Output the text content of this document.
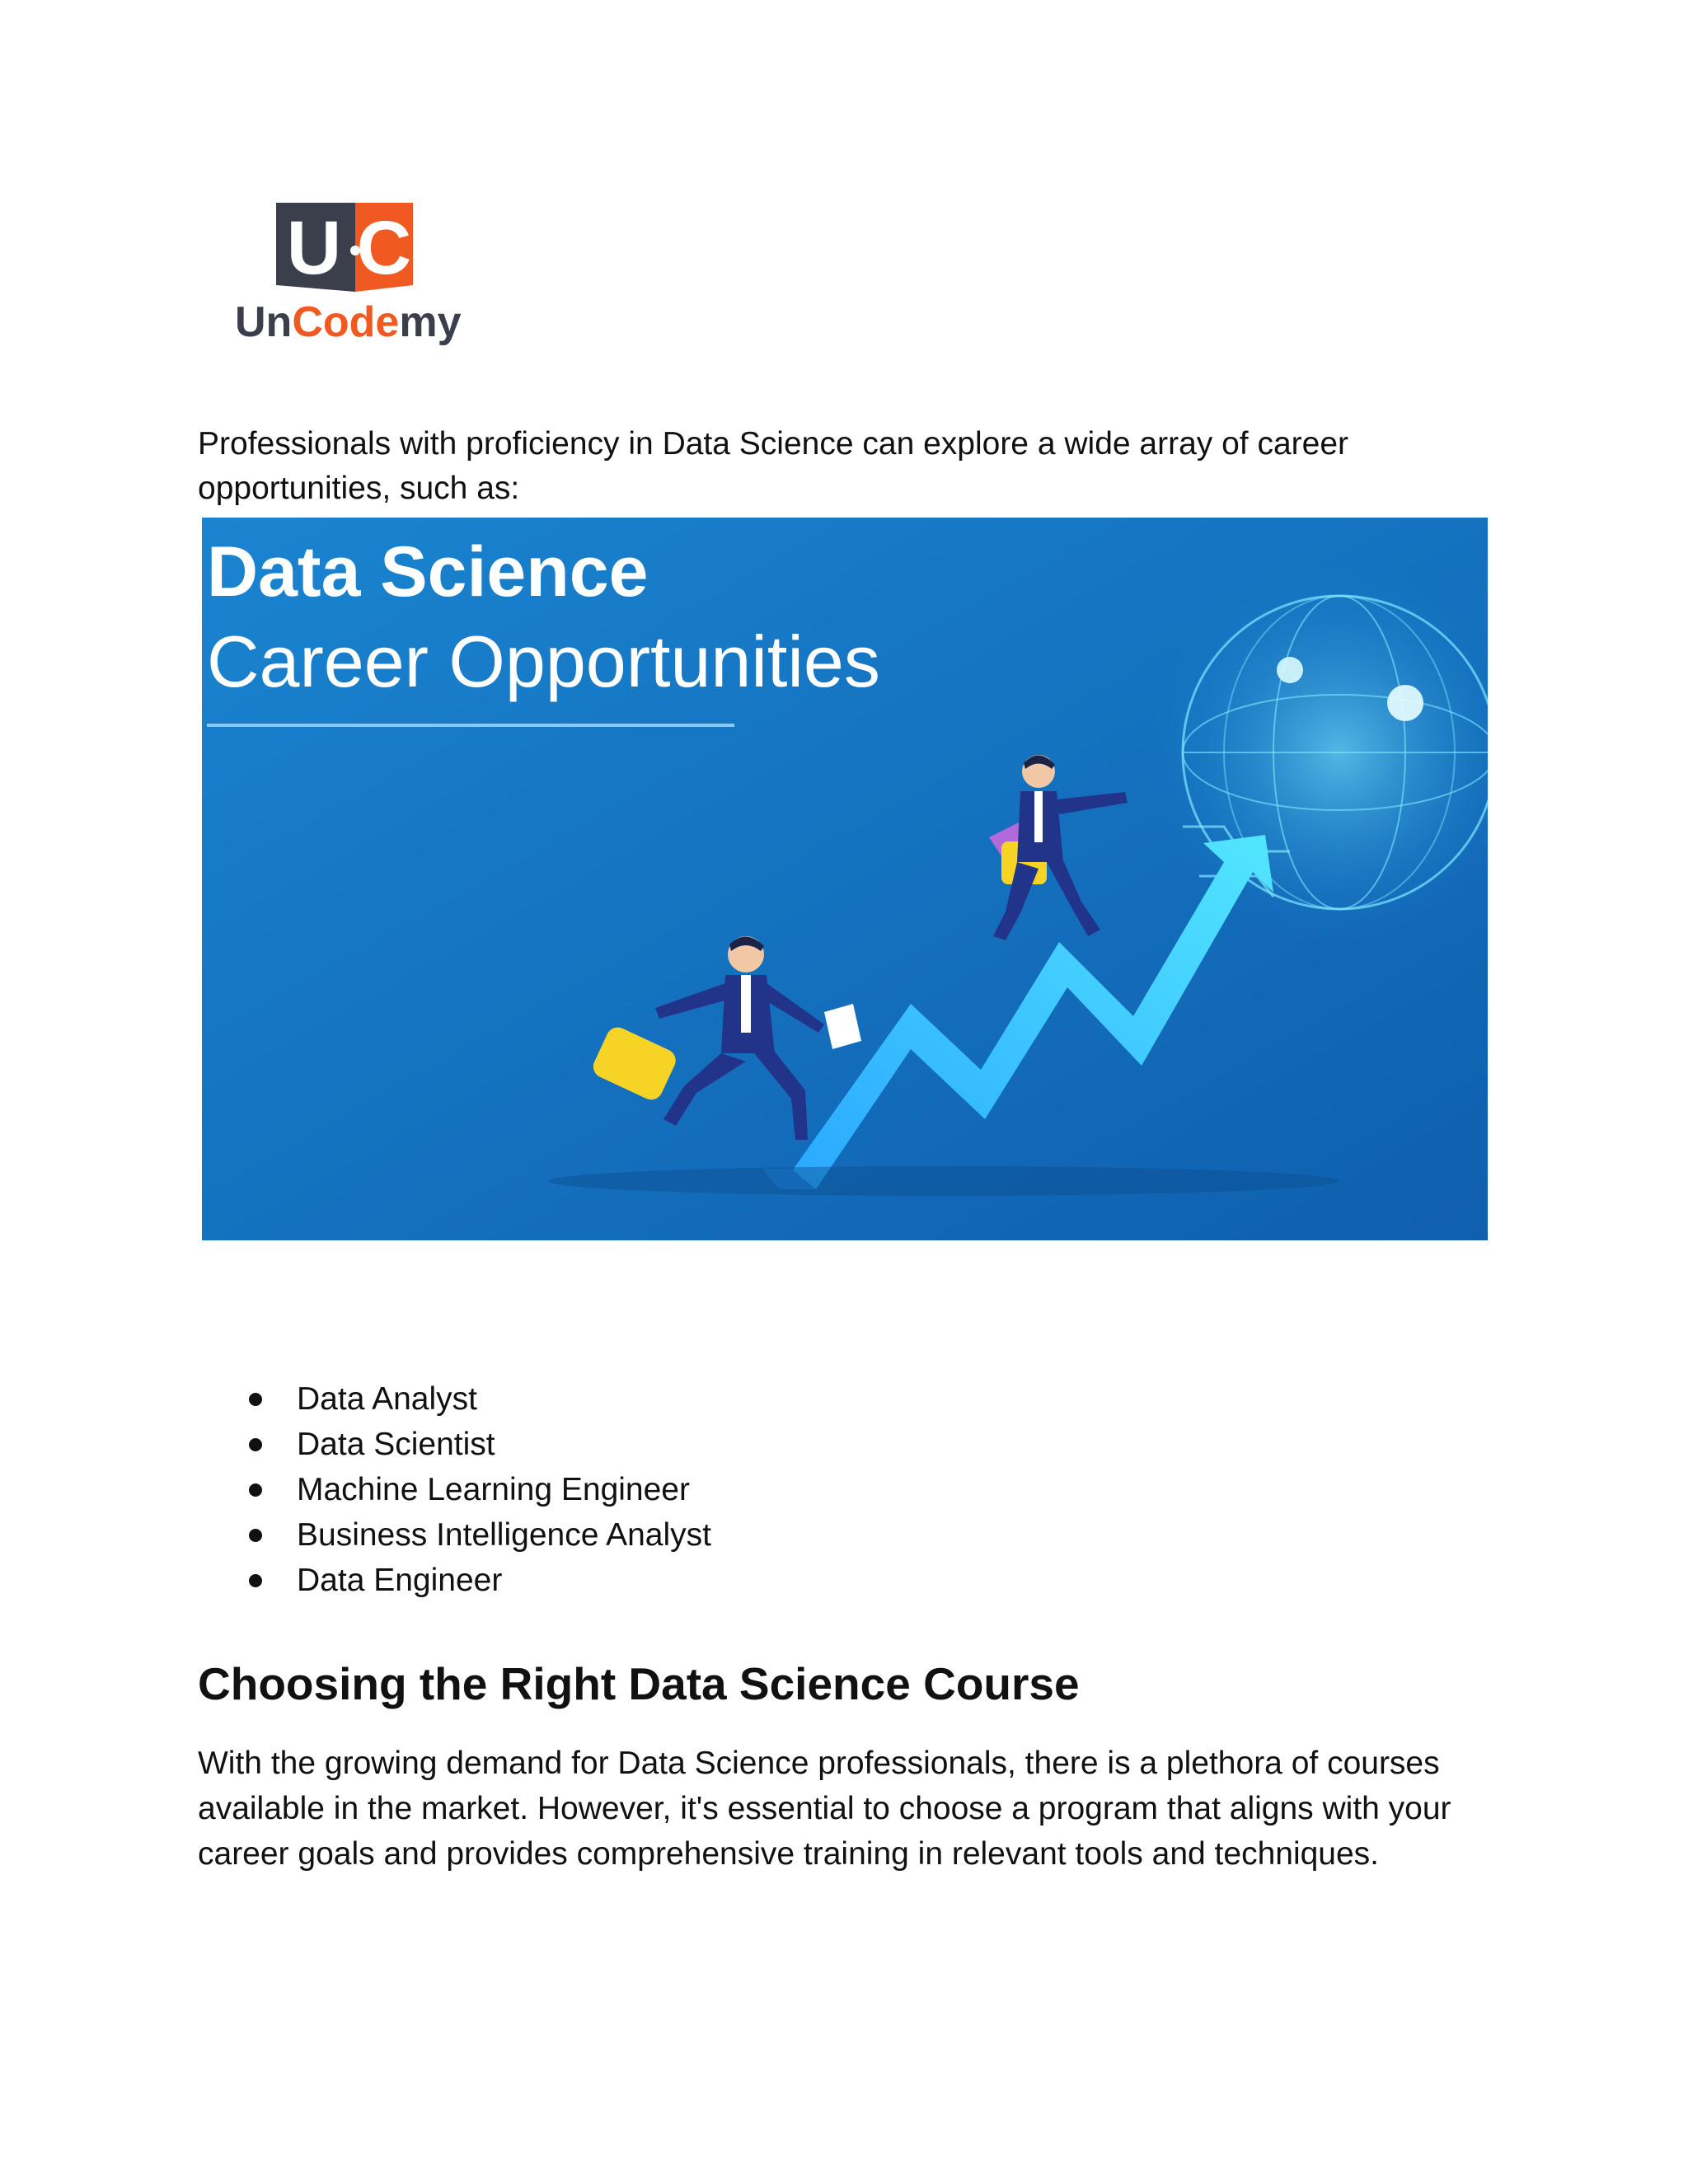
U C
UnCodemy

Professionals with proficiency in Data Science can explore a wide array of career opportunities, such as:

Data Science
Career Opportunities
Data Analyst
Data Scientist
Machine Learning Engineer
Business Intelligence Analyst
Data Engineer
Choosing the Right Data Science Course

With the growing demand for Data Science professionals, there is a plethora of courses available in the market. However, it's essential to choose a program that aligns with your career goals and provides comprehensive training in relevant tools and techniques.
